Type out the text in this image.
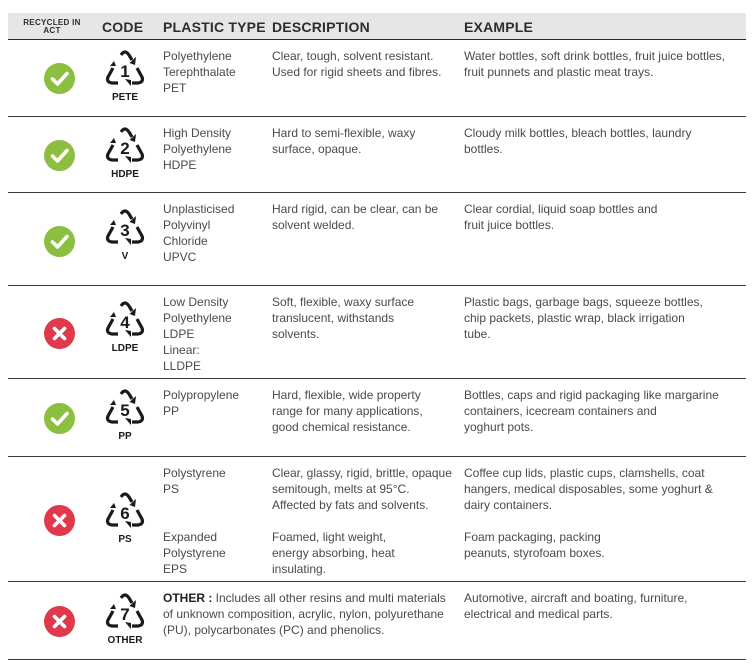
RECYCLED IN ACT	CODE PLASTIC TYPE DESCRIPTION	EXAMPLE
1
PETE
Polyethylene
Terephthalate
PET
Clear, tough, solvent resistant.
Used for rigid sheets and fibres.
Water bottles, soft drink bottles, fruit juice bottles,
fruit punnets and plastic meat trays.
2
HDPE
High Density
Polyethylene
HDPE
Hard to semi-flexible, waxy
surface, opaque.
Cloudy milk bottles, bleach bottles, laundry
bottles.
3
V
Unplasticised
Polyvinyl
Chloride
UPVC
Hard rigid, can be clear, can be
solvent welded.
Clear cordial, liquid soap bottles and
fruit juice bottles.
4
LDPE
Low Density
Polyethylene
LDPE
Linear:
LLDPE
Soft, flexible, waxy surface
translucent, withstands
solvents.
Plastic bags, garbage bags, squeeze bottles,
chip packets, plastic wrap, black irrigation
tube.
5
PP
Polypropylene
PP
Hard, flexible, wide property
range for many applications,
good chemical resistance.
Bottles, caps and rigid packaging like margarine
containers, icecream containers and
yoghurt pots.
6
PS
Polystyrene
PS
Clear, glassy, rigid, brittle, opaque
semitough, melts at 95°C.
Affected by fats and solvents.
Coffee cup lids, plastic cups, clamshells, coat
hangers, medical disposables, some yoghurt &
dairy containers.
Expanded
Polystyrene
EPS
Foamed, light weight,
energy absorbing, heat
insulating.
Foam packaging, packing
peanuts, styrofoam boxes.
7
OTHER
OTHER : Includes all other resins and multi materials
of unknown composition, acrylic, nylon, polyurethane
(PU), polycarbonates (PC) and phenolics.
Automotive, aircraft and boating, furniture,
electrical and medical parts.
